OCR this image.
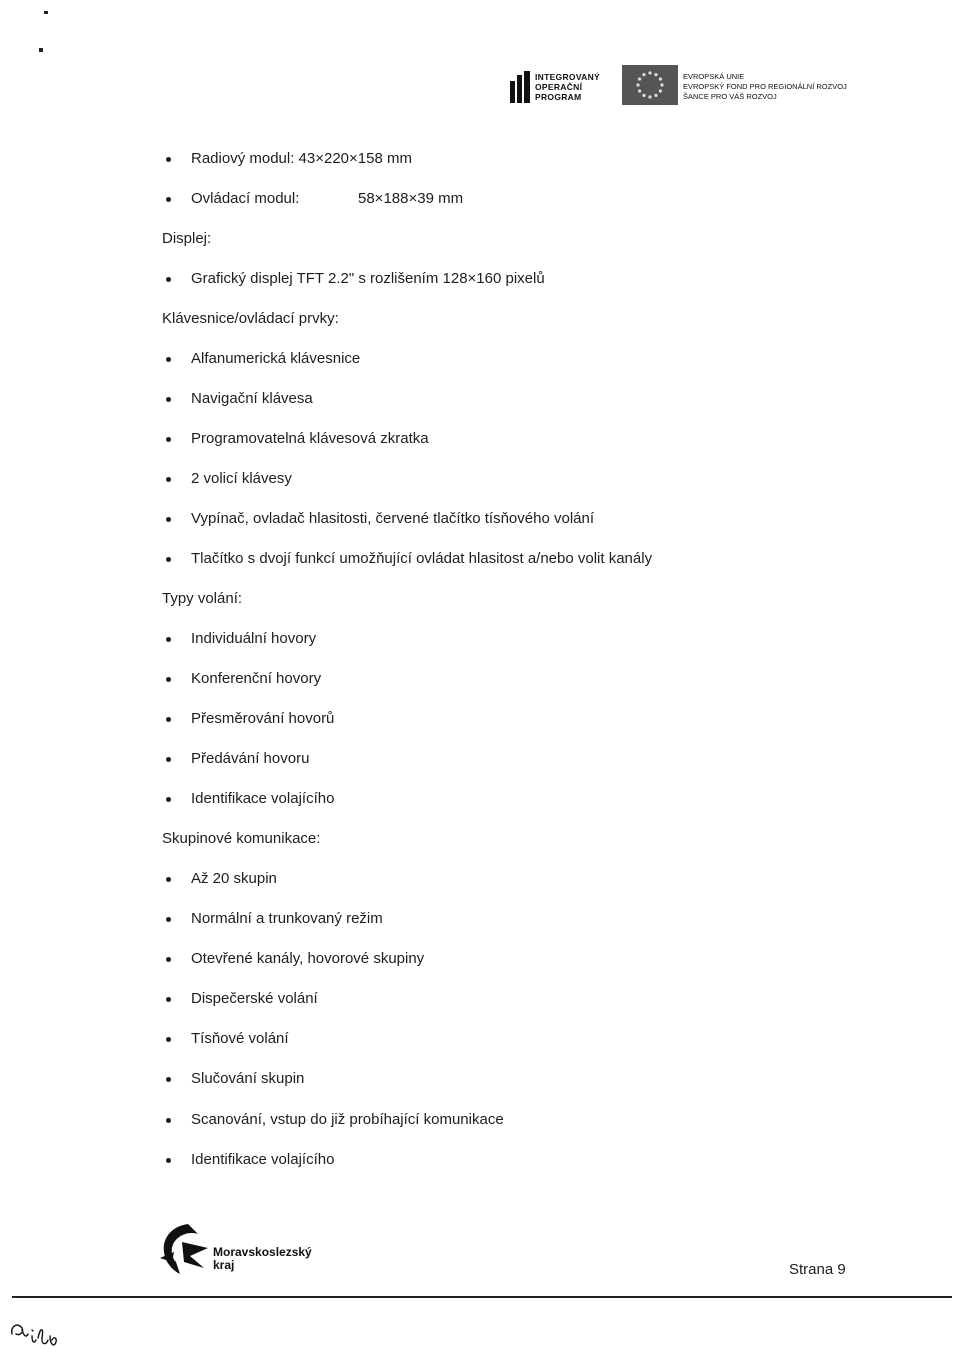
INTEGROVANÝ
OPERAČNÍ
PROGRAM
EVROPSKÁ UNIE
EVROPSKÝ FOND PRO REGIONÁLNÍ ROZVOJ
ŠANCE PRO VÁŠ ROZVOJ
Radiový modul: 43×220×158 mm
Ovládací modul:	58×188×39 mm
Displej:
Grafický displej TFT 2.2" s rozlišením 128×160 pixelů
Klávesnice/ovládací prvky:
Alfanumerická klávesnice
Navigační klávesa
Programovatelná klávesová zkratka
2 volicí klávesy
Vypínač, ovladač hlasitosti, červené tlačítko tísňového volání
Tlačítko s dvojí funkcí umožňující ovládat hlasitost a/nebo volit kanály
Typy volání:
Individuální hovory
Konferenční hovory
Přesměrování hovorů
Předávání hovoru
Identifikace volajícího
Skupinové komunikace:
Až 20 skupin
Normální a trunkovaný režim
Otevřené kanály, hovorové skupiny
Dispečerské volání
Tísňové volání
Slučování skupin
Scanování, vstup do již probíhající komunikace
Identifikace volajícího
Moravskoslezský
kraj	Strana 9
